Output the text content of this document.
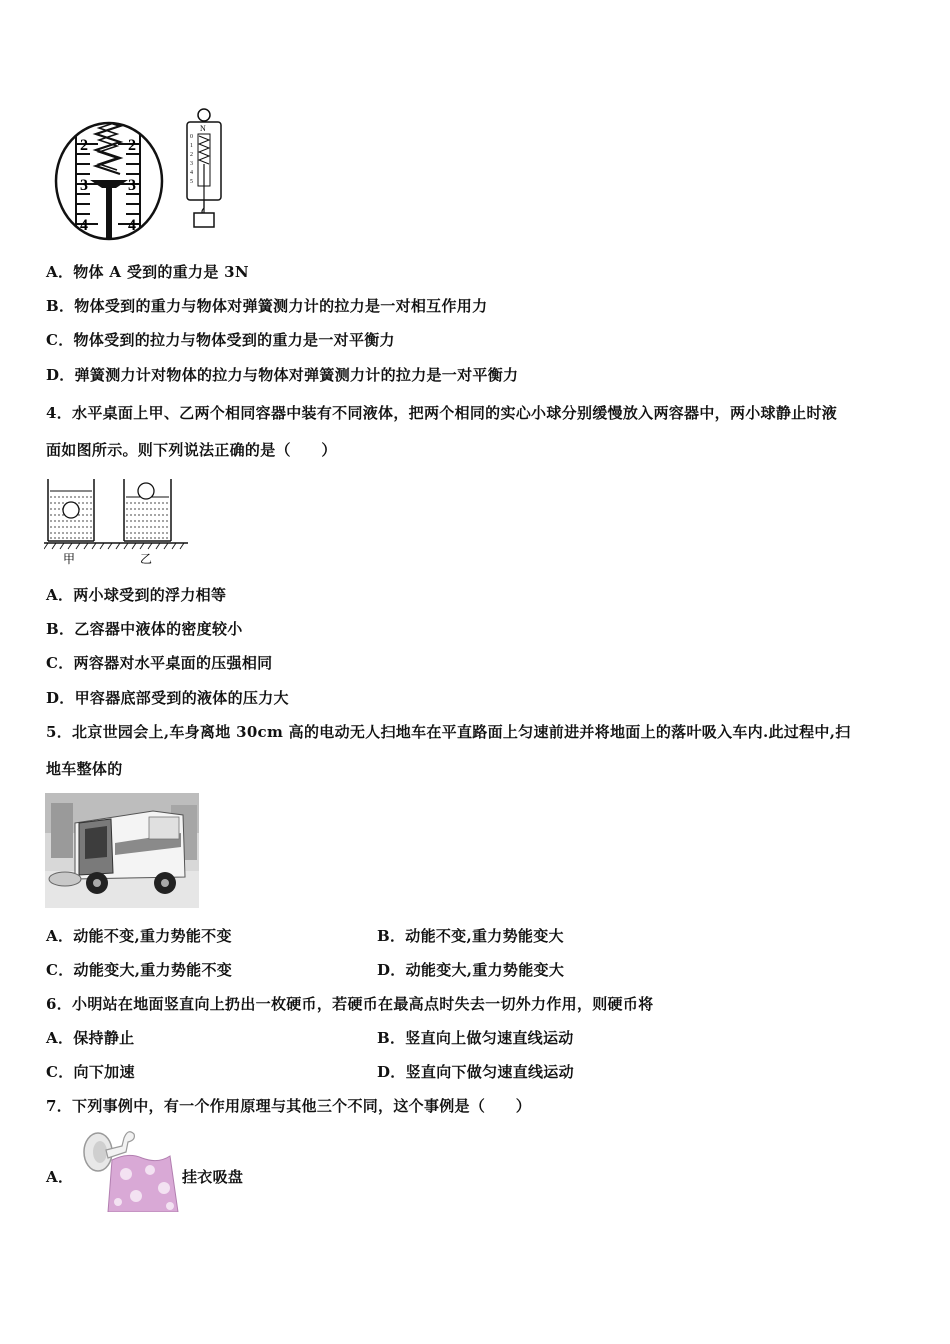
2
3
4
2
3
4
N
0
1
2
3
4
5
A．物体 A 受到的重力是 3N
B．物体受到的重力与物体对弹簧测力计的拉力是一对相互作用力
C．物体受到的拉力与物体受到的重力是一对平衡力
D．弹簧测力计对物体的拉力与物体对弹簧测力计的拉力是一对平衡力
4．水平桌面上甲、乙两个相同容器中装有不同液体，把两个相同的实心小球分别缓慢放入两容器中，两小球静止时液
面如图所示。则下列说法正确的是（　　）
甲	乙
A．两小球受到的浮力相等
B．乙容器中液体的密度较小
C．两容器对水平桌面的压强相同
D．甲容器底部受到的液体的压力大
5．北京世园会上,车身离地 30cm 高的电动无人扫地车在平直路面上匀速前进并将地面上的落叶吸入车内.此过程中,扫
地车整体的
A．动能不变,重力势能不变	B．动能不变,重力势能变大
C．动能变大,重力势能不变	D．动能变大,重力势能变大
6．小明站在地面竖直向上扔出一枚硬币，若硬币在最高点时失去一切外力作用，则硬币将
A．保持静止	B．竖直向上做匀速直线运动
C．向下加速	D．竖直向下做匀速直线运动
7．下列事例中，有一个作用原理与其他三个不同，这个事例是（　　）
A．	挂衣吸盘
